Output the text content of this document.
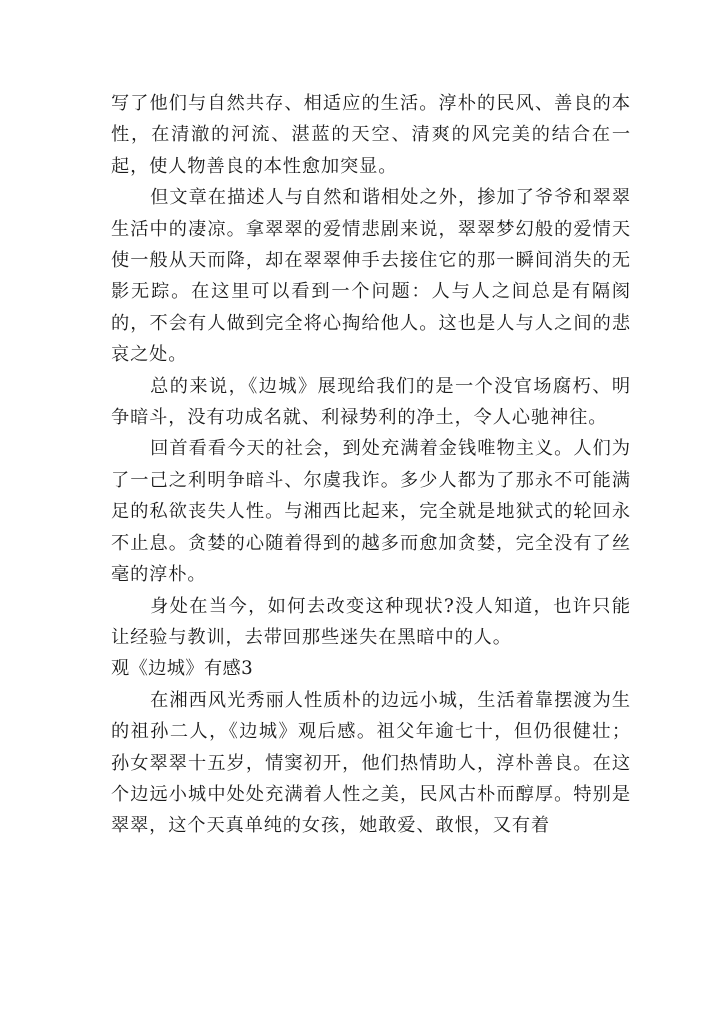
写了他们与自然共存、相适应的生活。淳朴的民风、善良的本性，在清澈的河流、湛蓝的天空、清爽的风完美的结合在一起，使人物善良的本性愈加突显。

但文章在描述人与自然和谐相处之外，掺加了爷爷和翠翠生活中的凄凉。拿翠翠的爱情悲剧来说，翠翠梦幻般的爱情天使一般从天而降，却在翠翠伸手去接住它的那一瞬间消失的无影无踪。在这里可以看到一个问题：人与人之间总是有隔阂的，不会有人做到完全将心掏给他人。这也是人与人之间的悲哀之处。

总的来说，《边城》展现给我们的是一个没官场腐朽、明争暗斗，没有功成名就、利禄势利的净土，令人心驰神往。

回首看看今天的社会，到处充满着金钱唯物主义。人们为了一己之利明争暗斗、尔虞我诈。多少人都为了那永不可能满足的私欲丧失人性。与湘西比起来，完全就是地狱式的轮回永不止息。贪婪的心随着得到的越多而愈加贪婪，完全没有了丝毫的淳朴。

身处在当今，如何去改变这种现状?没人知道，也许只能让经验与教训，去带回那些迷失在黑暗中的人。

观《边城》有感3

在湘西风光秀丽人性质朴的边远小城，生活着靠摆渡为生的祖孙二人，《边城》观后感。祖父年逾七十，但仍很健壮；孙女翠翠十五岁，情窦初开，他们热情助人，淳朴善良。在这个边远小城中处处充满着人性之美，民风古朴而醇厚。特别是翠翠，这个天真单纯的女孩，她敢爱、敢恨，又有着
